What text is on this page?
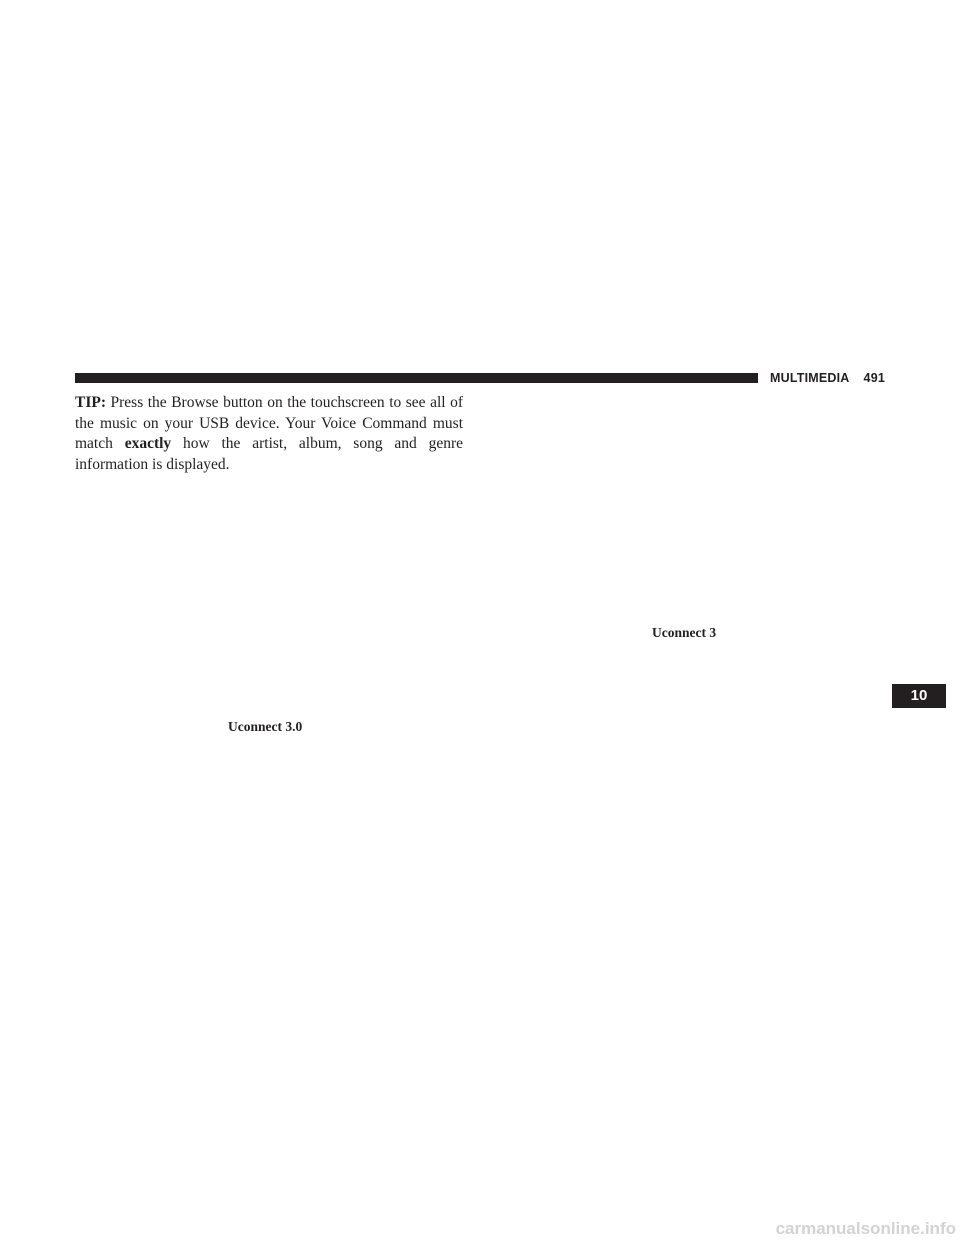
MULTIMEDIA 491

TIP: Press the Browse button on the touchscreen to see all of the music on your USB device. Your Voice Command must match exactly how the artist, album, song and genre information is displayed.

Uconnect 3.0
Uconnect 3
10
carmanualsonline.info
